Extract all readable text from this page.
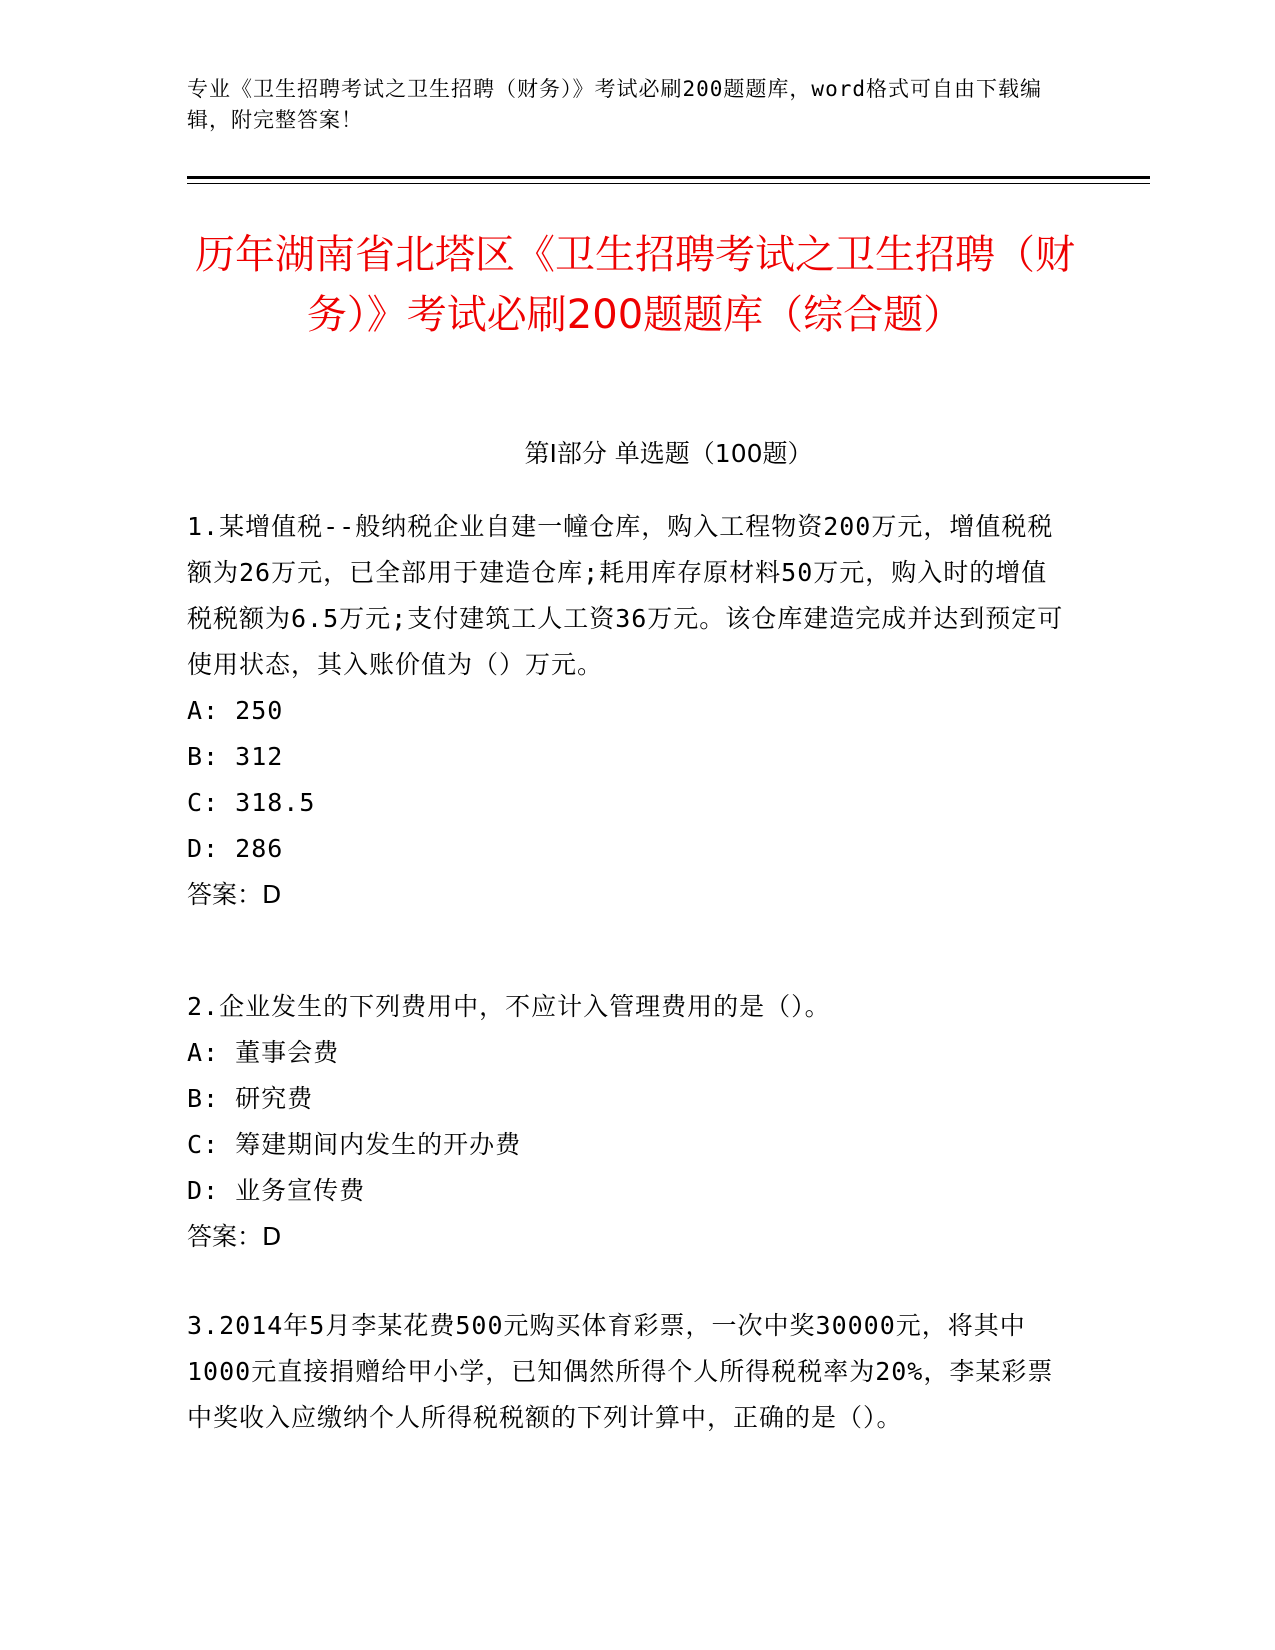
专业《卫生招聘考试之卫生招聘（财务）》考试必刷200题题库，word格式可自由下载编辑，附完整答案！
历年湖南省北塔区《卫生招聘考试之卫生招聘（财务）》考试必刷200题题库（综合题）
第I部分 单选题（100题）

1.某增值税--般纳税企业自建一幢仓库，购入工程物资200万元，增值税税额为26万元，已全部用于建造仓库;耗用库存原材料50万元，购入时的增值税税额为6.5万元;支付建筑工人工资36万元。该仓库建造完成并达到预定可使用状态，其入账价值为（）万元。

A: 250

B: 312

C: 318.5

D: 286

答案：D

2.企业发生的下列费用中，不应计入管理费用的是（）。

A: 董事会费

B: 研究费

C: 筹建期间内发生的开办费

D: 业务宣传费

答案：D

3.2014年5月李某花费500元购买体育彩票，一次中奖30000元，将其中1000元直接捐赠给甲小学，已知偶然所得个人所得税税率为20%，李某彩票中奖收入应缴纳个人所得税税额的下列计算中，正确的是（）。
